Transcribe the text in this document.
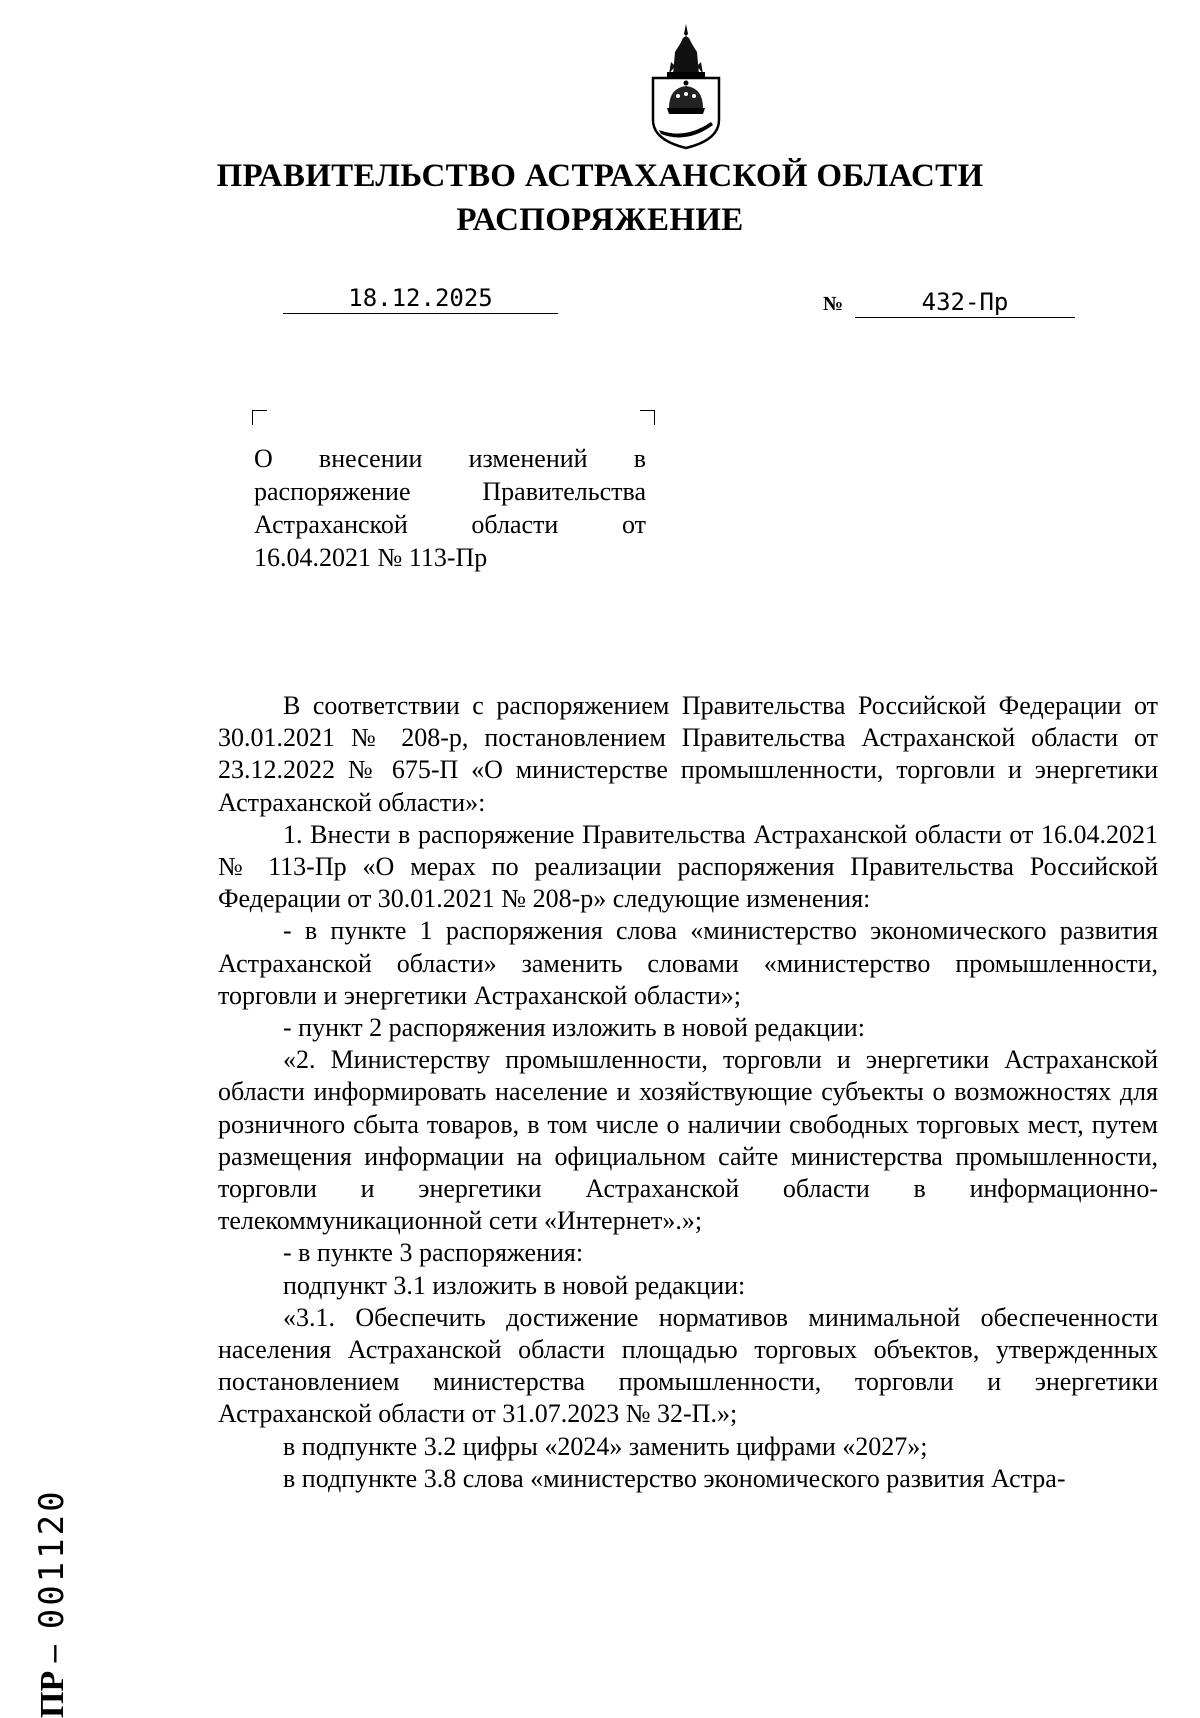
ПРАВИТЕЛЬСТВО АСТРАХАНСКОЙ ОБЛАСТИ
РАСПОРЯЖЕНИЕ
18.12.2025	№	432-Пр
О внесении изменений в распоряжение Правительства Астраханской области от 16.04.2021 № 113-Пр

В соответствии с распоряжением Правительства Российской Федерации от 30.01.2021 № 208-р, постановлением Правительства Астраханской области от 23.12.2022 № 675-П «О министерстве промышленности, торговли и энергетики Астраханской области»:

1. Внести в распоряжение Правительства Астраханской области от 16.04.2021 № 113-Пр «О мерах по реализации распоряжения Правительства Российской Федерации от 30.01.2021 № 208-р» следующие изменения:

- в пункте 1 распоряжения слова «министерство экономического развития Астраханской области» заменить словами «министерство промышленности, торговли и энергетики Астраханской области»;

- пункт 2 распоряжения изложить в новой редакции:

«2. Министерству промышленности, торговли и энергетики Астраханской области информировать население и хозяйствующие субъекты о возможностях для розничного сбыта товаров, в том числе о наличии свободных торговых мест, путем размещения информации на официальном сайте министерства промышленности, торговли и энергетики Астраханской области в информационно-телекоммуникационной сети «Интернет».»;

- в пункте 3 распоряжения:

подпункт 3.1 изложить в новой редакции:

«3.1. Обеспечить достижение нормативов минимальной обеспеченности населения Астраханской области площадью торговых объектов, утвержденных постановлением министерства промышленности, торговли и энергетики Астраханской области от 31.07.2023 № 32-П.»;

в подпункте 3.2 цифры «2024» заменить цифрами «2027»;

в подпункте 3.8 слова «министерство экономического развития Астра-

ПР –001120
